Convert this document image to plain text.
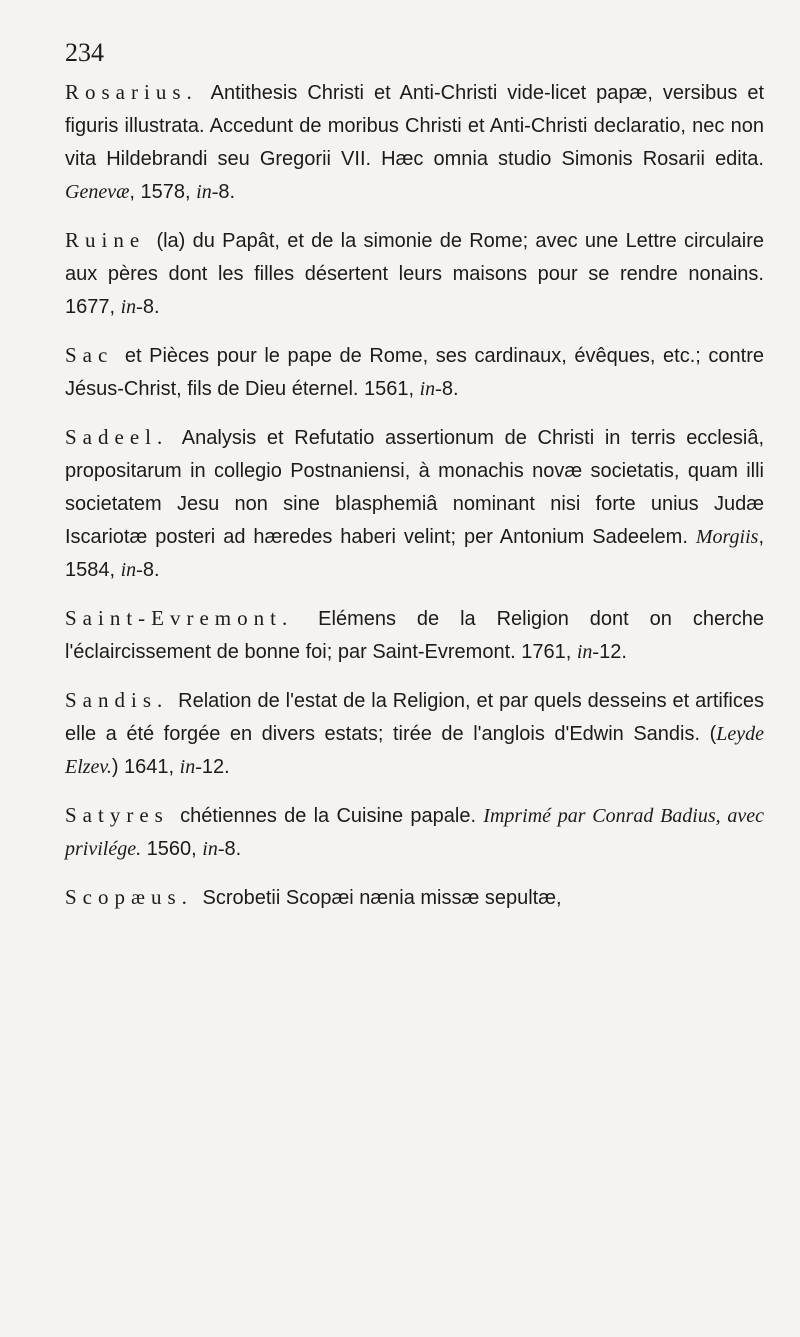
234

Rosarius. Antithesis Christi et Anti-Christi vide-licet papæ, versibus et figuris illustrata. Accedunt de moribus Christi et Anti-Christi declaratio, nec non vita Hildebrandi seu Gregorii VII. Hæc omnia studio Simonis Rosarii edita. Genevæ, 1578, in-8.

Ruine (la) du Papât, et de la simonie de Rome; avec une Lettre circulaire aux pères dont les filles désertent leurs maisons pour se rendre nonains. 1677, in-8.

Sac et Pièces pour le pape de Rome, ses cardinaux, évêques, etc.; contre Jésus-Christ, fils de Dieu éternel. 1561, in-8.

Sadeel. Analysis et Refutatio assertionum de Christi in terris ecclesiâ, propositarum in collegio Postnaniensi, à monachis novæ societatis, quam illi societatem Jesu non sine blasphemiâ nominant nisi forte unius Judæ Iscariotæ posteri ad hæredes haberi velint; per Antonium Sadeelem. Morgiis, 1584, in-8.

Saint-Evremont. Elémens de la Religion dont on cherche l'éclaircissement de bonne foi; par Saint-Evremont. 1761, in-12.

Sandis. Relation de l'estat de la Religion, et par quels desseins et artifices elle a été forgée en divers estats; tirée de l'anglois d'Edwin Sandis. (Leyde Elzev.) 1641, in-12.

Satyres chétiennes de la Cuisine papale. Imprimé par Conrad Badius, avec privilége. 1560, in-8.

Scopæus. Scrobetii Scopæi nænia missæ sepultæ,
